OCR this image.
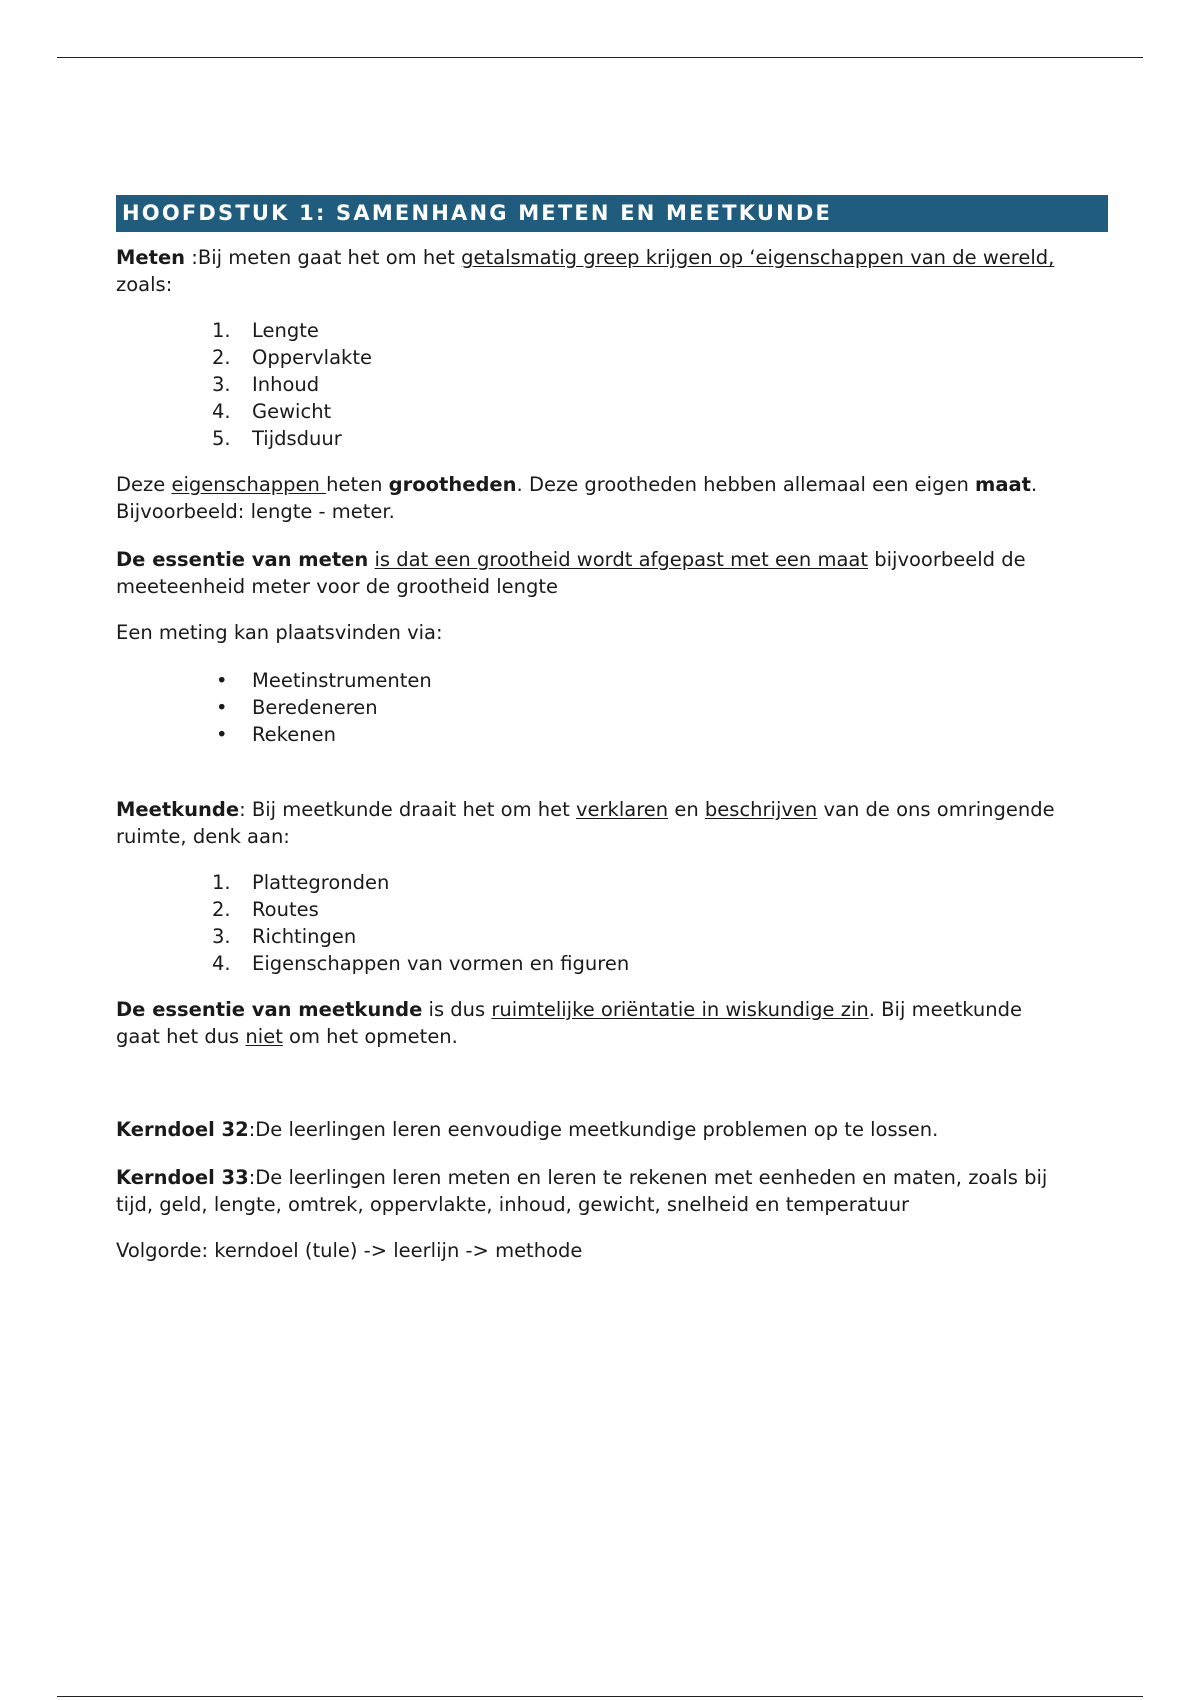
HOOFDSTUK 1: SAMENHANG METEN EN MEETKUNDE

Meten :Bij meten gaat het om het getalsmatig greep krijgen op ‘eigenschappen van de wereld,
zoals:

1.	Lengte
2.	Oppervlakte
3.	Inhoud
4.	Gewicht
5.	Tijdsduur

Deze eigenschappen heten grootheden. Deze grootheden hebben allemaal een eigen maat.
Bijvoorbeeld: lengte - meter.

De essentie van meten is dat een grootheid wordt afgepast met een maat bijvoorbeeld de
meeteenheid meter voor de grootheid lengte

Een meting kan plaatsvinden via:

•	Meetinstrumenten
•	Beredeneren
•	Rekenen

Meetkunde: Bij meetkunde draait het om het verklaren en beschrijven van de ons omringende
ruimte, denk aan:

1.	Plattegronden
2.	Routes
3.	Richtingen
4.	Eigenschappen van vormen en figuren

De essentie van meetkunde is dus ruimtelijke oriëntatie in wiskundige zin. Bij meetkunde
gaat het dus niet om het opmeten.

Kerndoel 32:De leerlingen leren eenvoudige meetkundige problemen op te lossen.

Kerndoel 33:De leerlingen leren meten en leren te rekenen met eenheden en maten, zoals bij
tijd, geld, lengte, omtrek, oppervlakte, inhoud, gewicht, snelheid en temperatuur

Volgorde: kerndoel (tule) -> leerlijn -> methode
